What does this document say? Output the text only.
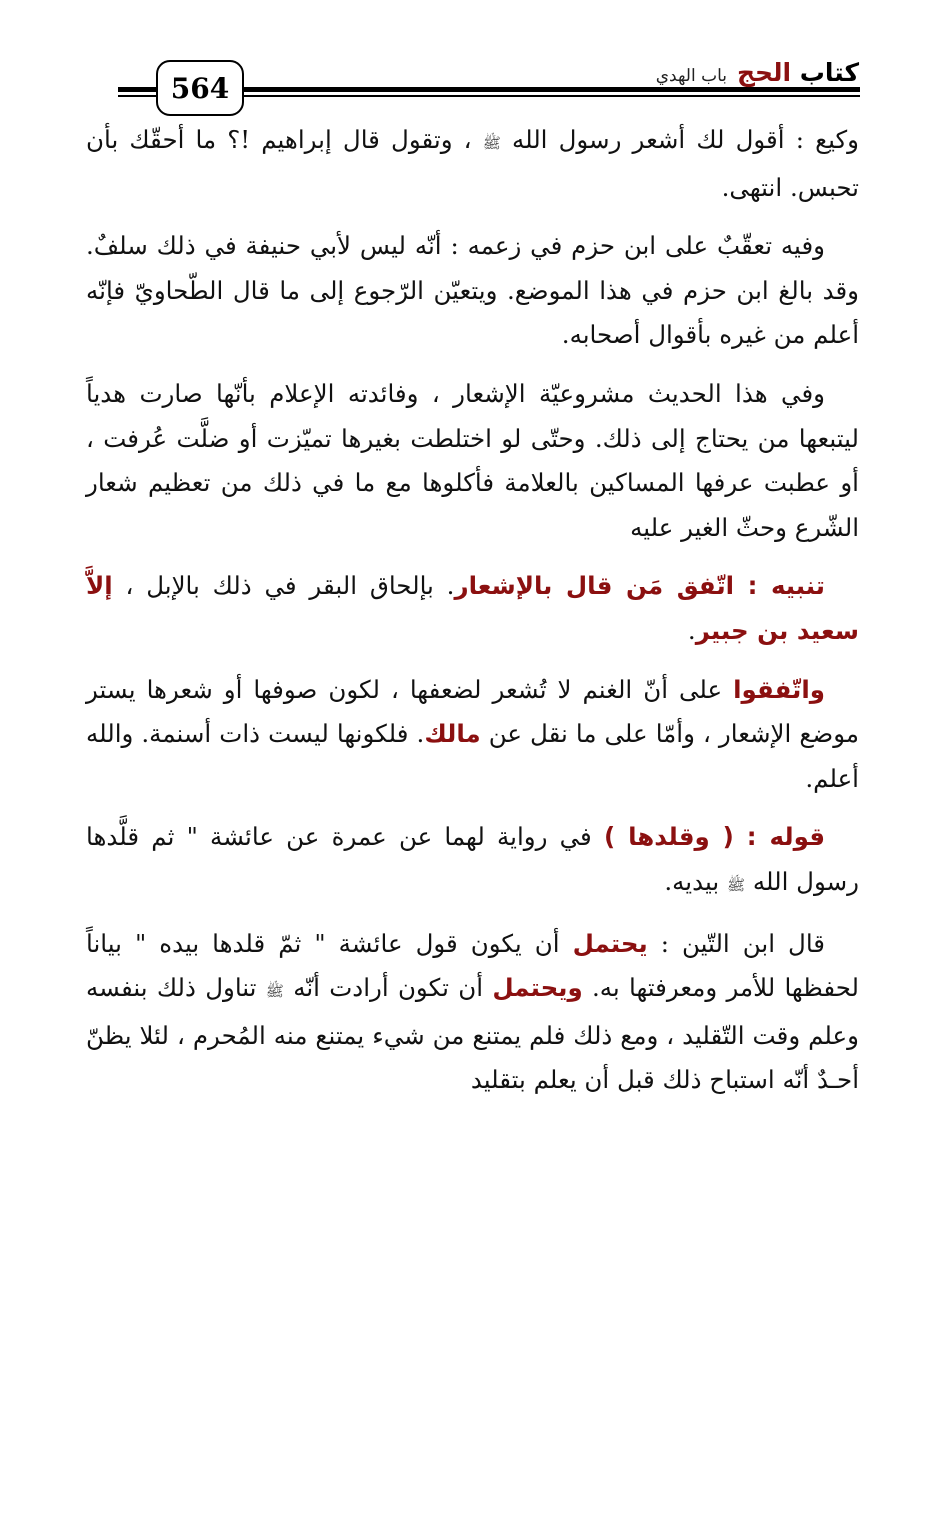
564	كتاب الحج
باب الهدي

وكيع : أقول لك أشعر رسول الله ﷺ ، وتقول قال إبراهيم !؟ ما أحقّك بأن تحبس. انتهى.

وفيه تعقّبٌ على ابن حزم في زعمه : أنّه ليس لأبي حنيفة في ذلك سلفٌ. وقد بالغ ابن حزم في هذا الموضع. ويتعيّن الرّجوع إلى ما قال الطّحاويّ فإنّه أعلم من غيره بأقوال أصحابه.

وفي هذا الحديث مشروعيّة الإشعار ، وفائدته الإعلام بأنّها صارت هدياً ليتبعها من يحتاج إلى ذلك. وحتّى لو اختلطت بغيرها تميّزت أو ضلَّت عُرفت ، أو عطبت عرفها المساكين بالعلامة فأكلوها مع ما في ذلك من تعظيم شعار الشّرع وحثّ الغير عليه

تنبيه : اتّفق مَن قال بالإشعار. بإلحاق البقر في ذلك بالإبل ، إلاَّ سعيد بن جبير.

واتّفقوا على أنّ الغنم لا تُشعر لضعفها ، لكون صوفها أو شعرها يستر موضع الإشعار ، وأمّا على ما نقل عن مالك. فلكونها ليست ذات أسنمة. والله أعلم.

قوله : ( وقلدها ) في رواية لهما عن عمرة عن عائشة " ثم قلَّدها رسول الله ﷺ بيديه.

قال ابن التّين : يحتمل أن يكون قول عائشة " ثمّ قلدها بيده " بياناً لحفظها للأمر ومعرفتها به. ويحتمل أن تكون أرادت أنّه ﷺ تناول ذلك بنفسه وعلم وقت التّقليد ، ومع ذلك فلم يمتنع من شيء يمتنع منه المُحرم ، لئلا يظنّ أحـدٌ أنّه استباح ذلك قبل أن يعلم بتقليد
